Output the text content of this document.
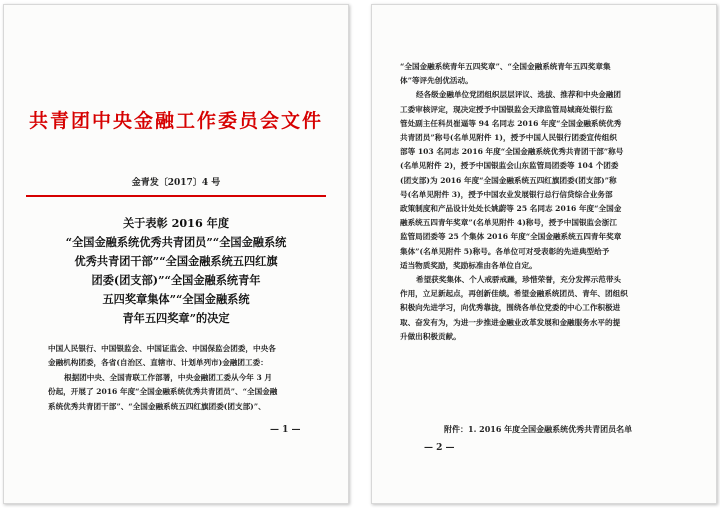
共青团中央金融工作委员会文件
金青发〔2017〕4 号
关于表彰 2016 年度
“全国金融系统优秀共青团员”“全国金融系统
优秀共青团干部”“全国金融系统五四红旗
团委(团支部)”“全国金融系统青年
五四奖章集体”“全国金融系统
青年五四奖章”的决定
中国人民银行、中国银监会、中国证监会、中国保监会团委，中央各
金融机构团委，各省(自治区、直辖市、计划单列市)金融团工委：
根据团中央、全国青联工作部署，中央金融团工委从今年 3 月
份起，开展了 2016 年度“全国金融系统优秀共青团员”、“全国金融
系统优秀共青团干部”、“全国金融系统五四红旗团委(团支部)”、
— 1 —
“全国金融系统青年五四奖章”、“全国金融系统青年五四奖章集
体”等评先创优活动。
经各级金融单位党团组织层层评议、选拔、推荐和中央金融团
工委审核评定，现决定授予中国银监会天津监管局城商处银行监
管处副主任科员崔逼等 94 名同志 2016 年度“全国金融系统优秀
共青团员”称号(名单见附件 1)，授予中国人民银行团委宣传组织
部等 103 名同志 2016 年度“全国金融系统优秀共青团干部”称号
(名单见附件 2)，授予中国银监会山东监管局团委等 104 个团委
(团支部)为 2016 年度“全国金融系统五四红旗团委(团支部)”称
号(名单见附件 3)，授予中国农业发展银行总行信贷综合业务部
政策制度和产品设计处处长姚蔚等 25 名同志 2016 年度“全国金
融系统五四青年奖章”(名单见附件 4)称号，授予中国银监会浙江
监管局团委等 25 个集体 2016 年度“全国金融系统五四青年奖章
集体”(名单见附件 5)称号。各单位可对受表彰的先进典型给予
适当物质奖励，奖励标准由各单位自定。
希望获奖集体、个人戒骄戒躁，珍惜荣誉，充分发挥示范带头
作用，立足新起点，再创新佳绩。希望金融系统团员、青年、团组织
积极向先进学习，向优秀靠拢，围绕各单位党委的中心工作积极进
取、奋发有为，为进一步推进金融业改革发展和金融服务水平的提
升做出积极贡献。
附件：1. 2016 年度全国金融系统优秀共青团员名单
— 2 —
